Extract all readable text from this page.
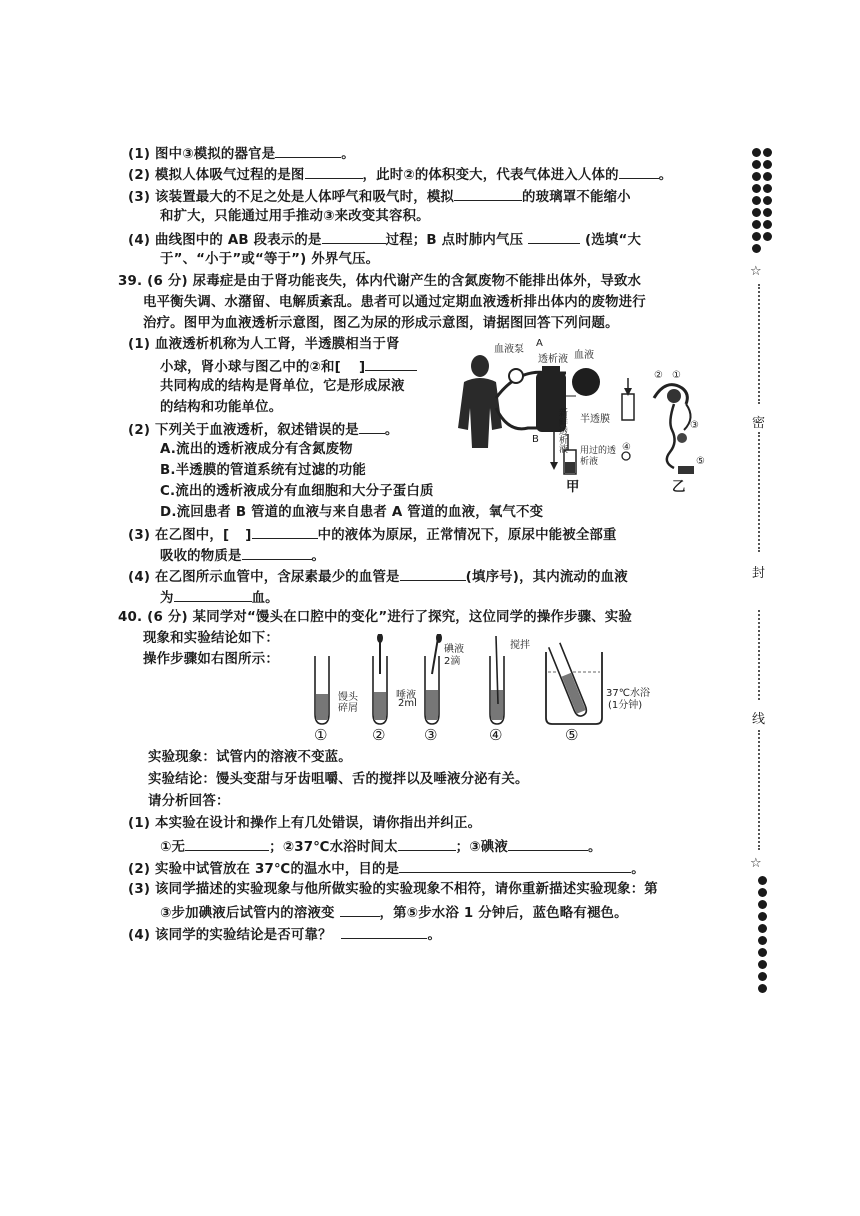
(1) 图中③模拟的器官是	。
(2) 模拟人体吸气过程的是图	，此时②的体积变大，代表气体进入人体的	。
(3) 该装置最大的不足之处是人体呼气和吸气时，模拟	的玻璃罩不能缩小
和扩大，只能通过用手推动③来改变其容积。
(4) 曲线图中的 AB 段表示的是	过程；B 点时肺内气压	(选填“大
于”、“小于”或“等于”) 外界气压。
39. (6 分) 尿毒症是由于肾功能丧失，体内代谢产生的含氮废物不能排出体外，导致水
电平衡失调、水潴留、电解质紊乱。患者可以通过定期血液透析排出体内的废物进行
治疗。图甲为血液透析示意图，图乙为尿的形成示意图，请据图回答下列问题。
(1) 血液透析机称为人工肾，半透膜相当于肾
小球，肾小球与图乙中的②和[ ]
共同构成的结构是肾单位，它是形成尿液
的结构和功能单位。
(2) 下列关于血液透析，叙述错误的是 。
A.流出的透析液成分有含氮废物
B.半透膜的管道系统有过滤的功能
C.流出的透析液成分有血细胞和大分子蛋白质
D.流回患者 B 管道的血液与来自患者 A 管道的血液，氧气不变
(3) 在乙图中，[ ]	中的液体为原尿，正常情况下，原尿中能被全部重
吸收的物质是	。
(4) 在乙图所示血管中，含尿素最少的血管是	(填序号)，其内流动的血液
为	血。
血液泵
A
透析液 血液
半透膜
新鲜透析液 用过的透析液
B
② ①
③
④
⑤
甲	乙
40. (6 分) 某同学对“馒头在口腔中的变化”进行了探究，这位同学的操作步骤、实验
现象和实验结论如下：
操作步骤如右图所示：
馒头碎屑
唾液
2ml
碘液
2滴
搅拌
37℃水浴
(1分钟)
①	②	③	④	⑤
实验现象：试管内的溶液不变蓝。
实验结论：馒头变甜与牙齿咀嚼、舌的搅拌以及唾液分泌有关。
请分析回答：
(1) 本实验在设计和操作上有几处错误，请你指出并纠正。
①无	；②37℃水浴时间太	；③碘液	。
(2) 实验中试管放在 37℃的温水中，目的是	。
(3) 该同学描述的实验现象与他所做实验的实验现象不相符，请你重新描述实验现象：第
③步加碘液后试管内的溶液变	，第⑤步水浴 1 分钟后，蓝色略有褪色。
(4) 该同学的实验结论是否可靠？	。
☆
密
封
线
☆
